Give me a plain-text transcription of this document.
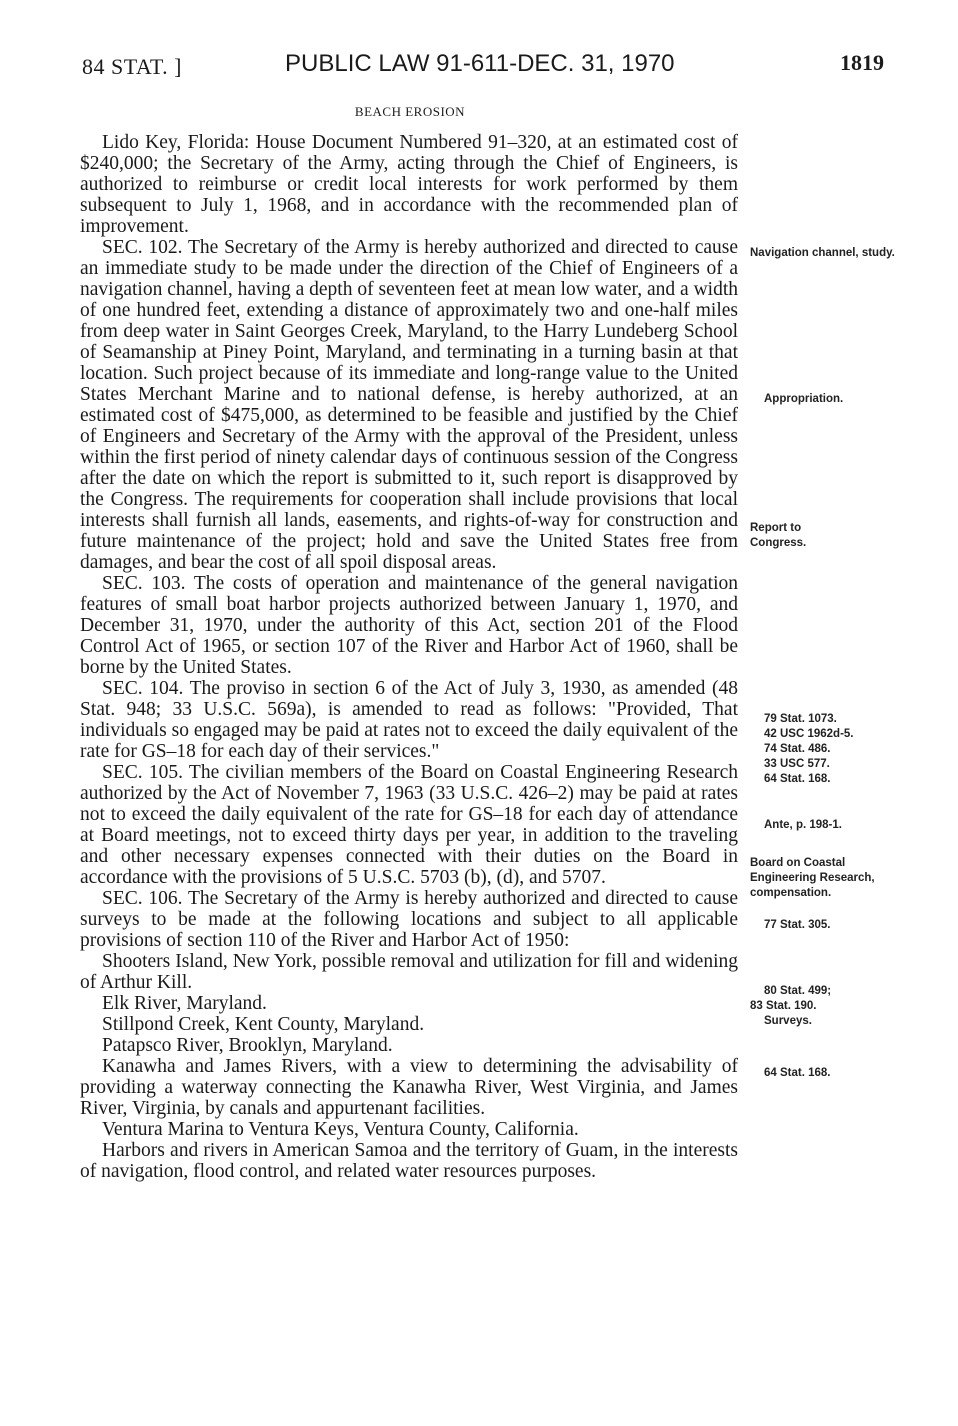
84 STAT. ]	PUBLIC LAW 91-611-DEC. 31, 1970	1819
BEACH EROSION

Lido Key, Florida: House Document Numbered 91–320, at an estimated cost of $240,000; the Secretary of the Army, acting through the Chief of Engineers, is authorized to reimburse or credit local interests for work performed by them subsequent to July 1, 1968, and in accordance with the recommended plan of improvement.

SEC. 102. The Secretary of the Army is hereby authorized and directed to cause an immediate study to be made under the direction of the Chief of Engineers of a navigation channel, having a depth of seventeen feet at mean low water, and a width of one hundred feet, extending a distance of approximately two and one-half miles from deep water in Saint Georges Creek, Maryland, to the Harry Lundeberg School of Seamanship at Piney Point, Maryland, and terminating in a turning basin at that location. Such project because of its immediate and long-range value to the United States Merchant Marine and to national defense, is hereby authorized, at an estimated cost of $475,000, as determined to be feasible and justified by the Chief of Engineers and Secretary of the Army with the approval of the President, unless within the first period of ninety calendar days of continuous session of the Congress after the date on which the report is submitted to it, such report is disapproved by the Congress. The requirements for cooperation shall include provisions that local interests shall furnish all lands, easements, and rights-of-way for construction and future maintenance of the project; hold and save the United States free from damages, and bear the cost of all spoil disposal areas.

SEC. 103. The costs of operation and maintenance of the general navigation features of small boat harbor projects authorized between January 1, 1970, and December 31, 1970, under the authority of this Act, section 201 of the Flood Control Act of 1965, or section 107 of the River and Harbor Act of 1960, shall be borne by the United States.

SEC. 104. The proviso in section 6 of the Act of July 3, 1930, as amended (48 Stat. 948; 33 U.S.C. 569a), is amended to read as follows: "Provided, That individuals so engaged may be paid at rates not to exceed the daily equivalent of the rate for GS–18 for each day of their services."

SEC. 105. The civilian members of the Board on Coastal Engineering Research authorized by the Act of November 7, 1963 (33 U.S.C. 426–2) may be paid at rates not to exceed the daily equivalent of the rate for GS–18 for each day of attendance at Board meetings, not to exceed thirty days per year, in addition to the traveling and other necessary expenses connected with their duties on the Board in accordance with the provisions of 5 U.S.C. 5703 (b), (d), and 5707.

SEC. 106. The Secretary of the Army is hereby authorized and directed to cause surveys to be made at the following locations and subject to all applicable provisions of section 110 of the River and Harbor Act of 1950:

Shooters Island, New York, possible removal and utilization for fill and widening of Arthur Kill.

Elk River, Maryland.

Stillpond Creek, Kent County, Maryland.

Patapsco River, Brooklyn, Maryland.

Kanawha and James Rivers, with a view to determining the advisability of providing a waterway connecting the Kanawha River, West Virginia, and James River, Virginia, by canals and appurtenant facilities.

Ventura Marina to Ventura Keys, Ventura County, California.

Harbors and rivers in American Samoa and the territory of Guam, in the interests of navigation, flood control, and related water resources purposes.

Navigation channel, study.
Appropriation.
Report to Congress.
79 Stat. 1073.
42 USC 1962d-5.
74 Stat. 486.
33 USC 577.
64 Stat. 168.
Ante, p. 198-1.
Board on Coastal Engineering Research, compensation.
77 Stat. 305.
80 Stat. 499;
83 Stat. 190.
Surveys.
64 Stat. 168.
